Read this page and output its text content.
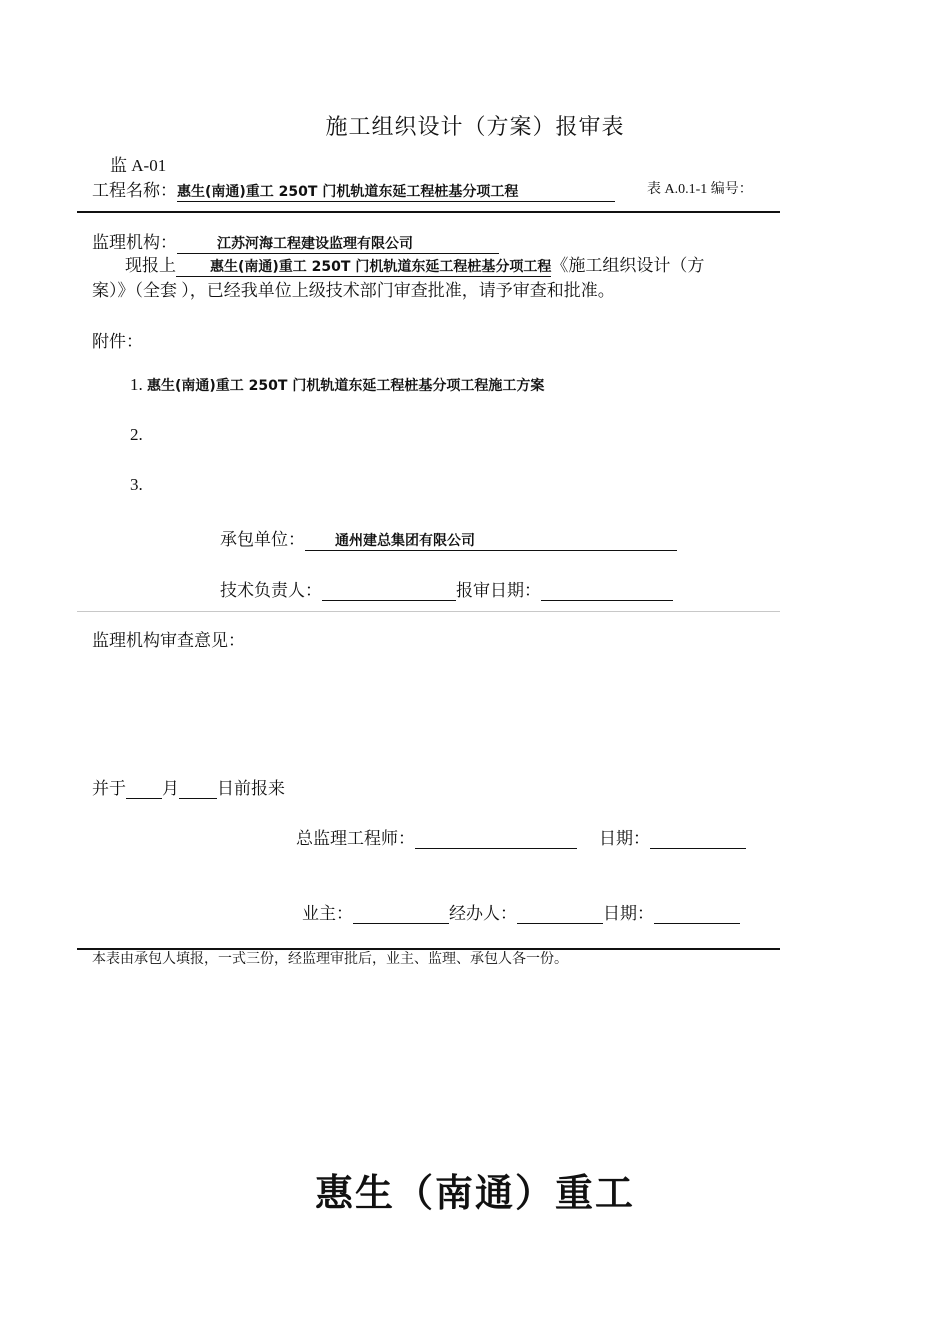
施工组织设计（方案）报审表
监 A-01
工程名称：惠生(南通)重工 250T 门机轨道东延工程桩基分项工程	表 A.0.1-1 编号：
监理机构：	江苏河海工程建设监理有限公司
现报上 惠生(南通)重工 250T 门机轨道东延工程桩基分项工程《施工组织设计（方
案）》（全套 ），已经我单位上级技术部门审查批准，请予审查和批准。
附件：
1. 惠生(南通)重工 250T 门机轨道东延工程桩基分项工程施工方案
2.
3.
承包单位： 通州建总集团有限公司
技术负责人：	报审日期：
监理机构审查意见：
并于 月 日前报来
总监理工程师：	日期：
业主：	经办人：	日期：
本表由承包人填报，一式三份，经监理审批后，业主、监理、承包人各一份。
惠生（南通）重工
